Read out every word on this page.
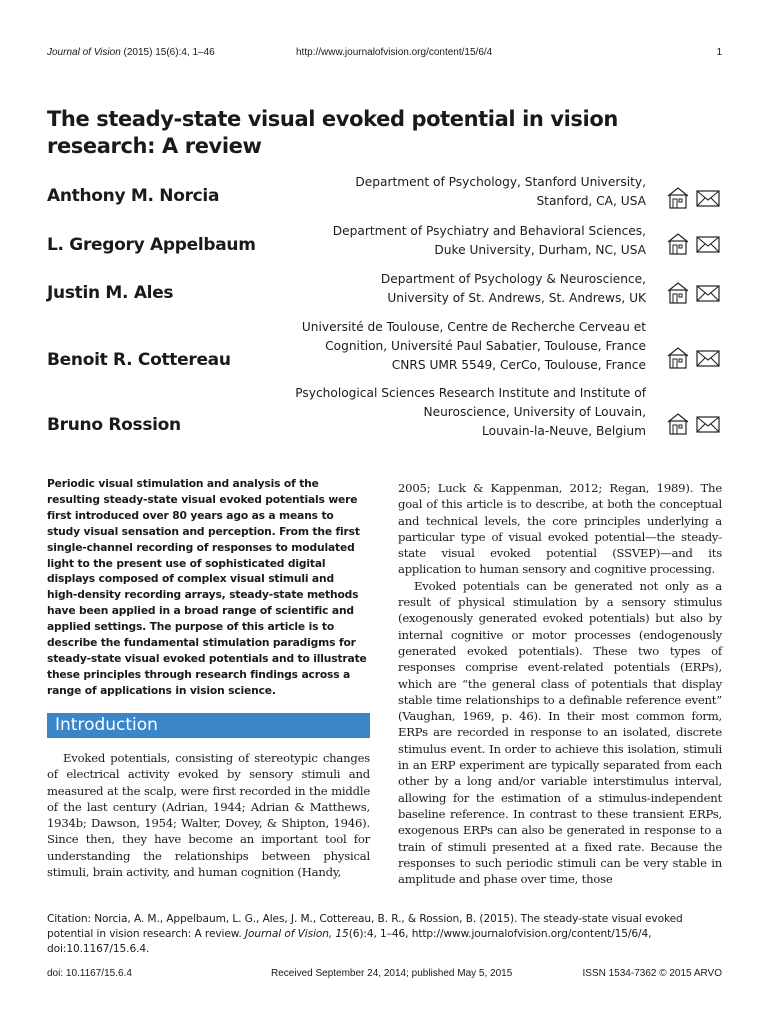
Journal of Vision (2015) 15(6):4, 1–46	http://www.journalofvision.org/content/15/6/4	1
The steady-state visual evoked potential in vision research: A review
Anthony M. Norcia
Department of Psychology, Stanford University,
Stanford, CA, USA
L. Gregory Appelbaum
Department of Psychiatry and Behavioral Sciences,
Duke University, Durham, NC, USA
Justin M. Ales
Department of Psychology & Neuroscience,
University of St. Andrews, St. Andrews, UK
Benoit R. Cottereau
Université de Toulouse, Centre de Recherche Cerveau et
Cognition, Université Paul Sabatier, Toulouse, France
CNRS UMR 5549, CerCo, Toulouse, France
Bruno Rossion
Psychological Sciences Research Institute and Institute of
Neuroscience, University of Louvain,
Louvain-la-Neuve, Belgium

Periodic visual stimulation and analysis of the resulting steady-state visual evoked potentials were first introduced over 80 years ago as a means to study visual sensation and perception. From the first single-channel recording of responses to modulated light to the present use of sophisticated digital displays composed of complex visual stimuli and high-density recording arrays, steady-state methods have been applied in a broad range of scientific and applied settings. The purpose of this article is to describe the fundamental stimulation paradigms for steady-state visual evoked potentials and to illustrate these principles through research findings across a range of applications in vision science.

Introduction

Evoked potentials, consisting of stereotypic changes of electrical activity evoked by sensory stimuli and measured at the scalp, were first recorded in the middle of the last century (Adrian, 1944; Adrian & Matthews, 1934b; Dawson, 1954; Walter, Dovey, & Shipton, 1946). Since then, they have become an important tool for understanding the relationships between physical stimuli, brain activity, and human cognition (Handy,

2005; Luck & Kappenman, 2012; Regan, 1989). The goal of this article is to describe, at both the conceptual and technical levels, the core principles underlying a particular type of visual evoked potential—the steady-state visual evoked potential (SSVEP)—and its application to human sensory and cognitive processing.

Evoked potentials can be generated not only as a result of physical stimulation by a sensory stimulus (exogenously generated evoked potentials) but also by internal cognitive or motor processes (endogenously generated evoked potentials). These two types of responses comprise event-related potentials (ERPs), which are “the general class of potentials that display stable time relationships to a definable reference event” (Vaughan, 1969, p. 46). In their most common form, ERPs are recorded in response to an isolated, discrete stimulus event. In order to achieve this isolation, stimuli in an ERP experiment are typically separated from each other by a long and/or variable interstimulus interval, allowing for the estimation of a stimulus-independent baseline reference. In contrast to these transient ERPs, exogenous ERPs can also be generated in response to a train of stimuli presented at a fixed rate. Because the responses to such periodic stimuli can be very stable in amplitude and phase over time, those

Citation: Norcia, A. M., Appelbaum, L. G., Ales, J. M., Cottereau, B. R., & Rossion, B. (2015). The steady-state visual evoked potential in vision research: A review. Journal of Vision, 15(6):4, 1–46, http://www.journalofvision.org/content/15/6/4, doi:10.1167/15.6.4.
doi: 10.1167/15.6.4	Received September 24, 2014; published May 5, 2015	ISSN 1534-7362 © 2015 ARVO
